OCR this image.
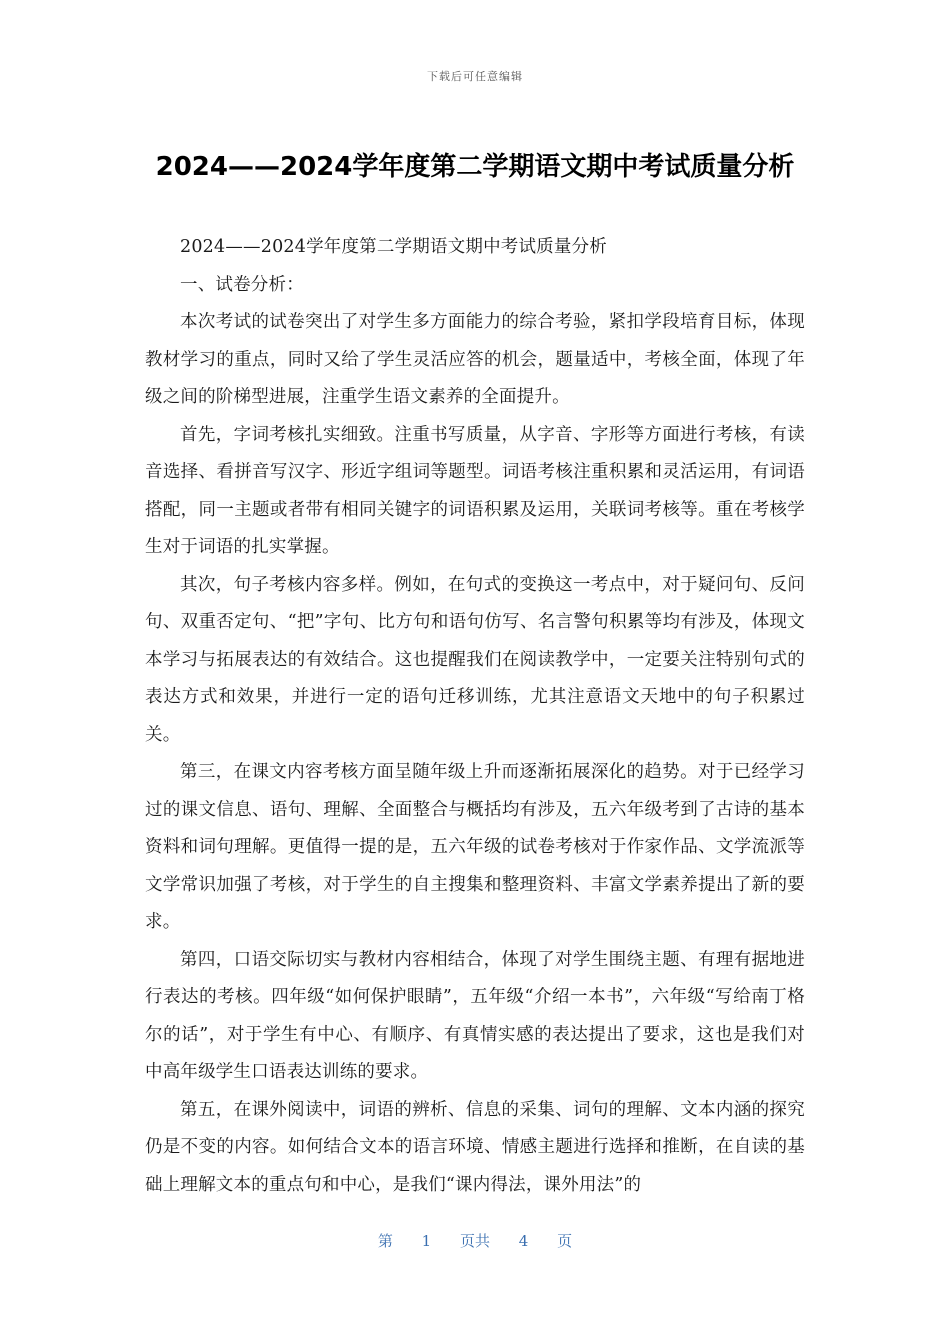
下载后可任意编辑
2024——2024学年度第二学期语文期中考试质量分析

2024——2024学年度第二学期语文期中考试质量分析

一、试卷分析：

本次考试的试卷突出了对学生多方面能力的综合考验，紧扣学段培育目标，体现教材学习的重点，同时又给了学生灵活应答的机会，题量适中，考核全面，体现了年级之间的阶梯型进展，注重学生语文素养的全面提升。

首先，字词考核扎实细致。注重书写质量，从字音、字形等方面进行考核，有读音选择、看拼音写汉字、形近字组词等题型。词语考核注重积累和灵活运用，有词语搭配，同一主题或者带有相同关键字的词语积累及运用，关联词考核等。重在考核学生对于词语的扎实掌握。

其次，句子考核内容多样。例如，在句式的变换这一考点中，对于疑问句、反问句、双重否定句、“把”字句、比方句和语句仿写、名言警句积累等均有涉及，体现文本学习与拓展表达的有效结合。这也提醒我们在阅读教学中，一定要关注特别句式的表达方式和效果，并进行一定的语句迁移训练，尤其注意语文天地中的句子积累过关。

第三，在课文内容考核方面呈随年级上升而逐渐拓展深化的趋势。对于已经学习过的课文信息、语句、理解、全面整合与概括均有涉及，五六年级考到了古诗的基本资料和词句理解。更值得一提的是，五六年级的试卷考核对于作家作品、文学流派等文学常识加强了考核，对于学生的自主搜集和整理资料、丰富文学素养提出了新的要求。

第四，口语交际切实与教材内容相结合，体现了对学生围绕主题、有理有据地进行表达的考核。四年级“如何保护眼睛”，五年级“介绍一本书”，六年级“写给南丁格尔的话”，对于学生有中心、有顺序、有真情实感的表达提出了要求，这也是我们对中高年级学生口语表达训练的要求。

第五，在课外阅读中，词语的辨析、信息的采集、词句的理解、文本内涵的探究仍是不变的内容。如何结合文本的语言环境、情感主题进行选择和推断，在自读的基础上理解文本的重点句和中心，是我们“课内得法，课外用法”的

第 1 页共 4 页
